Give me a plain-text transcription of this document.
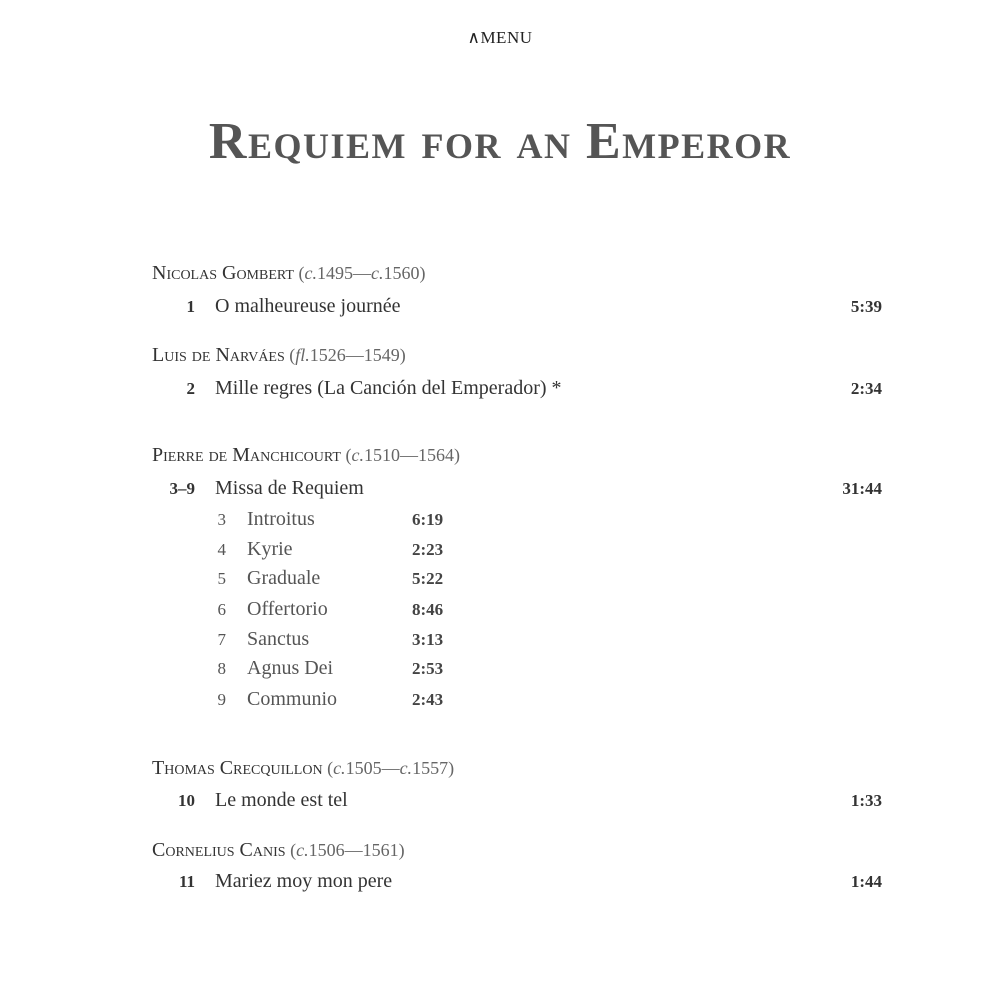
∧MENU
Requiem for an Emperor
Nicolas Gombert (c.1495—c.1560)
1 O malheureuse journée	5:39
Luis de Narváes (fl.1526—1549)
2 Mille regres (La Canción del Emperador) *	2:34
Pierre de Manchicourt (c.1510—1564)
3–9 Missa de Requiem	31:44
3 Introitus	6:19
4 Kyrie	2:23
5 Graduale	5:22
6 Offertorio	8:46
7 Sanctus	3:13
8 Agnus Dei	2:53
9 Communio	2:43
Thomas Crecquillon (c.1505—c.1557)
10 Le monde est tel	1:33
Cornelius Canis (c.1506—1561)
11 Mariez moy mon pere	1:44
